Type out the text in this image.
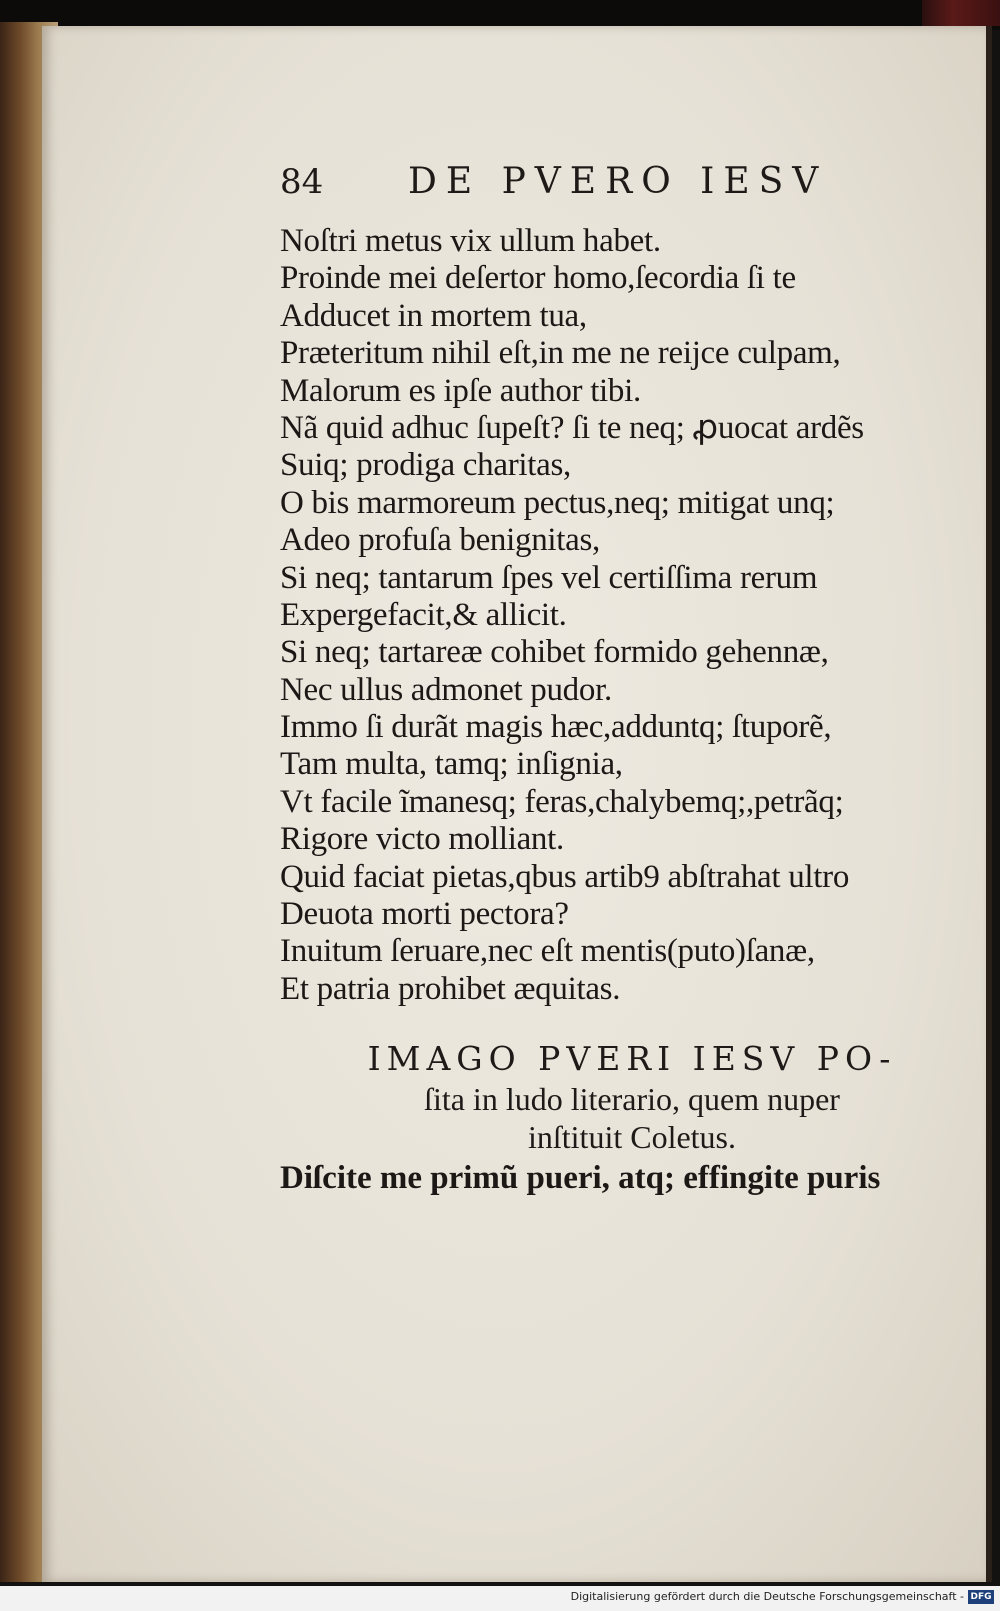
84	DE PVERO IESV
Noſtri metus vix ullum habet.
Proinde mei deſertor homo,ſecordia ſi te
Adducet in mortem tua,
Præteritum nihil eſt,in me ne reijce culpam,
Malorum es ipſe author tibi.
Nã quid adhuc ſupeſt? ſi te neq; ꝓuocat ardẽs
Suiq; prodiga charitas,
O bis marmoreum pectus,neq; mitigat unq;
Adeo profuſa benignitas,
Si neq; tantarum ſpes vel certiſſima rerum
Expergefacit,& allicit.
Si neq; tartareæ cohibet formido gehennæ,
Nec ullus admonet pudor.
Immo ſi durãt magis hæc,adduntq; ſtuporẽ,
Tam multa, tamq; inſignia,
Vt facile ĩmanesq; feras,chalybemq;,petrãq;
Rigore victo molliant.
Quid faciat pietas,qbus artib9 abſtrahat ultro
Deuota morti pectora?
Inuitum ſeruare,nec eſt mentis(puto)ſanæ,
Et patria prohibet æquitas.
IMAGO PVERI IESV PO-
ſita in ludo literario, quem nuper
inſtituit Coletus.
Diſcite me primũ pueri, atq; effingite puris
Digitalisierung gefördert durch die Deutsche Forschungsgemeinschaft - DFG
